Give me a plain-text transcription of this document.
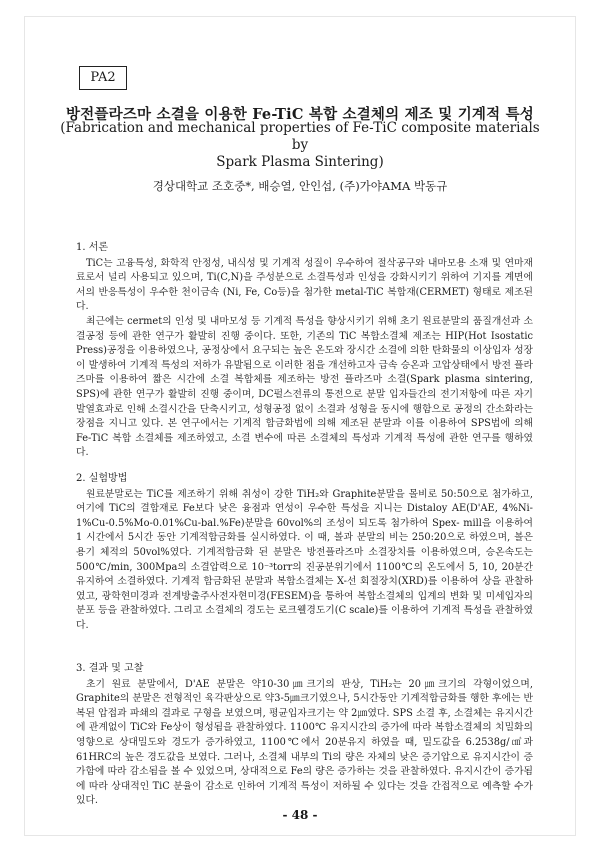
PA2
방전플라즈마 소결을 이용한 Fe-TiC 복합 소결체의 제조 및 기계적 특성
(Fabrication and mechanical properties of Fe-TiC composite materials by
Spark Plasma Sintering)
경상대학교 조호중*, 배승열, 안인섭, (주)가야AMA 박동규
1. 서론

TiC는 고융특성, 화학적 안정성, 내식성 및 기계적 성질이 우수하여 절삭공구와 내마모용 소재 및 연마재료로서 널리 사용되고 있으며, Ti(C,N)을 주성분으로 소결특성과 인성을 강화시키기 위하여 기지를 계면에서의 반응특성이 우수한 천이금속 (Ni, Fe, Co등)을 첨가한 metal-TiC 복합재(CERMET) 형태로 제조된다.

최근에는 cermet의 인성 및 내마모성 등 기계적 특성을 향상시키기 위해 초기 원료분말의 품질개선과 소결공정 등에 관한 연구가 활발히 진행 중이다. 또한, 기존의 TiC 복합소결체 제조는 HIP(Hot Isostatic Press)공정을 이용하였으나, 공정상에서 요구되는 높은 온도와 장시간 소결에 의한 탄화물의 이상입자 성장이 발생하여 기계적 특성의 저하가 유발됨으로 이러한 점을 개선하고자 급속 승온과 고압상태에서 방전 플라즈마를 이용하여 짧은 시간에 소결 복합체를 제조하는 방전 플라즈마 소결(Spark plasma sintering, SPS)에 관한 연구가 활발히 진행 중이며, DC펄스전류의 통전으로 분말 입자들간의 전기저항에 따른 자기발열효과로 인해 소결시간을 단축시키고, 성형공정 없이 소결과 성형을 동시에 행함으로 공정의 간소화라는 장점을 지니고 있다. 본 연구에서는 기계적 합금화법에 의해 제조된 분말과 이를 이용하여 SPS법에 의해 Fe-TiC 복합 소결체를 제조하였고, 소결 변수에 따른 소결체의 특성과 기계적 특성에 관한 연구를 행하였다.

2. 실험방법

원료분말로는 TiC를 제조하기 위해 취성이 강한 TiH₂와 Graphite분말을 몰비로 50:50으로 첨가하고, 여기에 TiC의 결합재로 Fe보다 낮은 융점과 연성이 우수한 특성을 지니는 Distaloy AE(D'AE, 4%Ni-1%Cu-0.5%Mo-0.01%Cu-bal.%Fe)분말을 60vol%의 조성이 되도록 첨가하여 Spex- mill을 이용하여 1 시간에서 5시간 동안 기계적합금화를 실시하였다. 이 때, 볼과 분말의 비는 250:20으로 하였으며, 볼은 용기 체적의 50vol%였다. 기계적합금화 된 분말은 방전플라즈마 소결장치를 이용하였으며, 승온속도는 500℃/min, 300Mpa의 소결압력으로 10⁻³torr의 진공분위기에서 1100℃의 온도에서 5, 10, 20분간 유지하여 소결하였다. 기계적 합금화된 분말과 복합소결체는 X-선 회절장치(XRD)를 이용하여 상을 관찰하였고, 광학현미경과 전계방출주사전자현미경(FESEM)을 통하여 복합소결체의 입계의 변화 및 미세입자의 분포 등을 관찰하였다. 그리고 소결체의 경도는 로크웰경도기(C scale)를 이용하여 기계적 특성을 관찰하였다.

3. 결과 및 고찰

초기 원료 분말에서, D'AE 분말은 약10-30㎛크기의 판상, TiH₂는 20㎛크기의 각형이었으며, Graphite의 분말은 전형적인 육각판상으로 약3-5㎛크기였으나, 5시간동안 기계적합금화를 행한 후에는 반복된 압접과 파쇄의 결과로 구형을 보였으며, 평균입자크기는 약 2㎛였다. SPS 소결 후, 소결체는 유지시간에 관계없이 TiC와 Fe상이 형성됨을 관찰하였다. 1100℃ 유지시간의 증가에 따라 복합소결체의 치밀화의 영향으로 상대밀도와 경도가 증가하였고, 1100℃에서 20분유지 하였을 때, 밀도값을 6.2538g/㎤과 61HRC의 높은 경도값을 보였다. 그러나, 소결체 내부의 Ti의 량은 자체의 낮은 증기압으로 유지시간이 증가함에 따라 감소됨을 볼 수 있었으며, 상대적으로 Fe의 량은 증가하는 것을 관찰하였다. 유지시간이 증가됨에 따라 상대적인 TiC 분율이 감소로 인하여 기계적 특성이 저하될 수 있다는 것을 간접적으로 예측할 수가 있다.

- 48 -
